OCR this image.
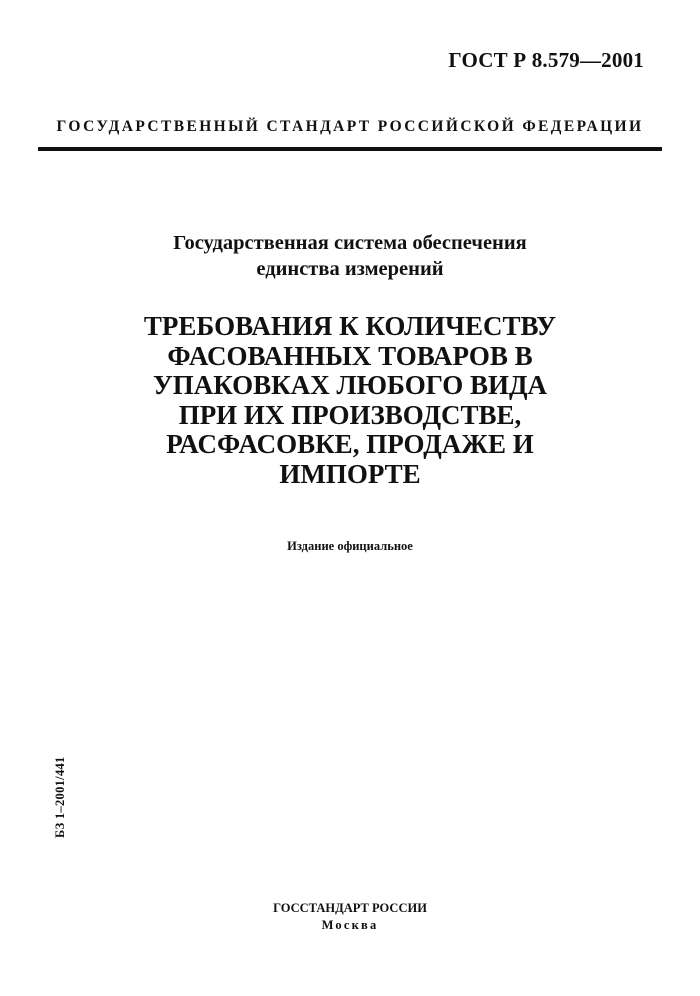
ГОСТ Р 8.579—2001
ГОСУДАРСТВЕННЫЙ СТАНДАРТ РОССИЙСКОЙ ФЕДЕРАЦИИ
Государственная система обеспечения
единства измерений
ТРЕБОВАНИЯ К КОЛИЧЕСТВУ
ФАСОВАННЫХ ТОВАРОВ В
УПАКОВКАХ ЛЮБОГО ВИДА
ПРИ ИХ ПРОИЗВОДСТВЕ,
РАСФАСОВКЕ, ПРОДАЖЕ И
ИМПОРТЕ
Издание официальное
БЗ 1–2001/441
ГОССТАНДАРТ РОССИИ
Москва
